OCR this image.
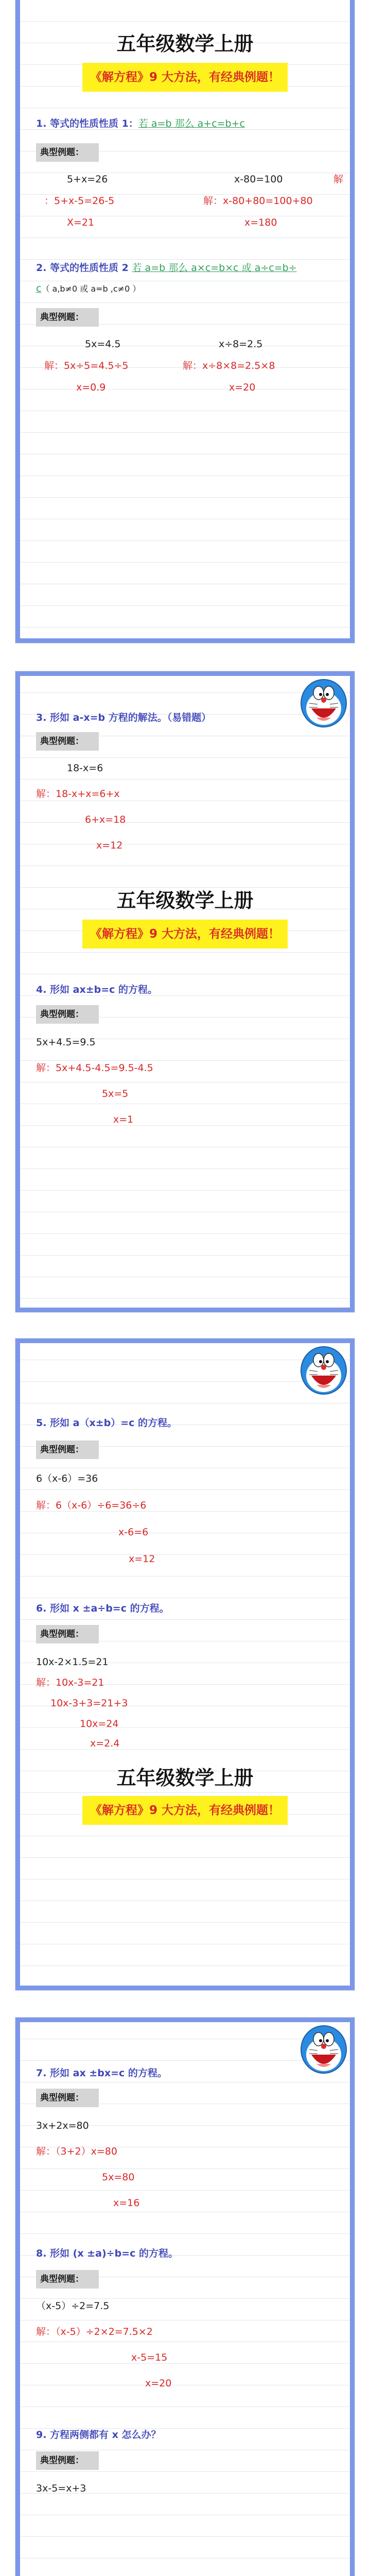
五年级数学上册
《解方程》9 大方法，有经典例题！
1. 等式的性质性质 1：若 a=b 那么 a+c=b+c
典型例题：
5+x=26	x-80=100	解
：5+x-5=26-5	解：x-80+80=100+80
X=21	x=180
2. 等式的性质性质 2 若 a=b 那么 a×c=b×c 或 a÷c=b÷
c（ a,b≠0 或 a=b ,c≠0 ）
典型例题：
5x=4.5	x÷8=2.5
解：5x÷5=4.5÷5	解：x÷8×8=2.5×8
x=0.9	x=20
3. 形如 a-x=b 方程的解法。（易错题）
典型例题：
18-x=6
解：18-x+x=6+x
6+x=18
x=12
五年级数学上册
《解方程》9 大方法，有经典例题！
4. 形如 ax±b=c 的方程。
典型例题：
5x+4.5=9.5
解：5x+4.5-4.5=9.5-4.5
5x=5
x=1
5. 形如 a（x±b）=c 的方程。
典型例题：
6（x-6）=36
解：6（x-6）÷6=36÷6
x-6=6
x=12
6. 形如 x ±a÷b=c 的方程。
典型例题：
10x-2×1.5=21
解：10x-3=21
10x-3+3=21+3
10x=24
x=2.4
五年级数学上册
《解方程》9 大方法，有经典例题！
7. 形如 ax ±bx=c 的方程。
典型例题：
3x+2x=80
解：（3+2）x=80
5x=80
x=16
8. 形如 (x ±a)÷b=c 的方程。
典型例题：
（x-5）÷2=7.5
解：（x-5）÷2×2=7.5×2
x-5=15
x=20
9. 方程两侧都有 x 怎么办？
典型例题：
3x-5=x+3
